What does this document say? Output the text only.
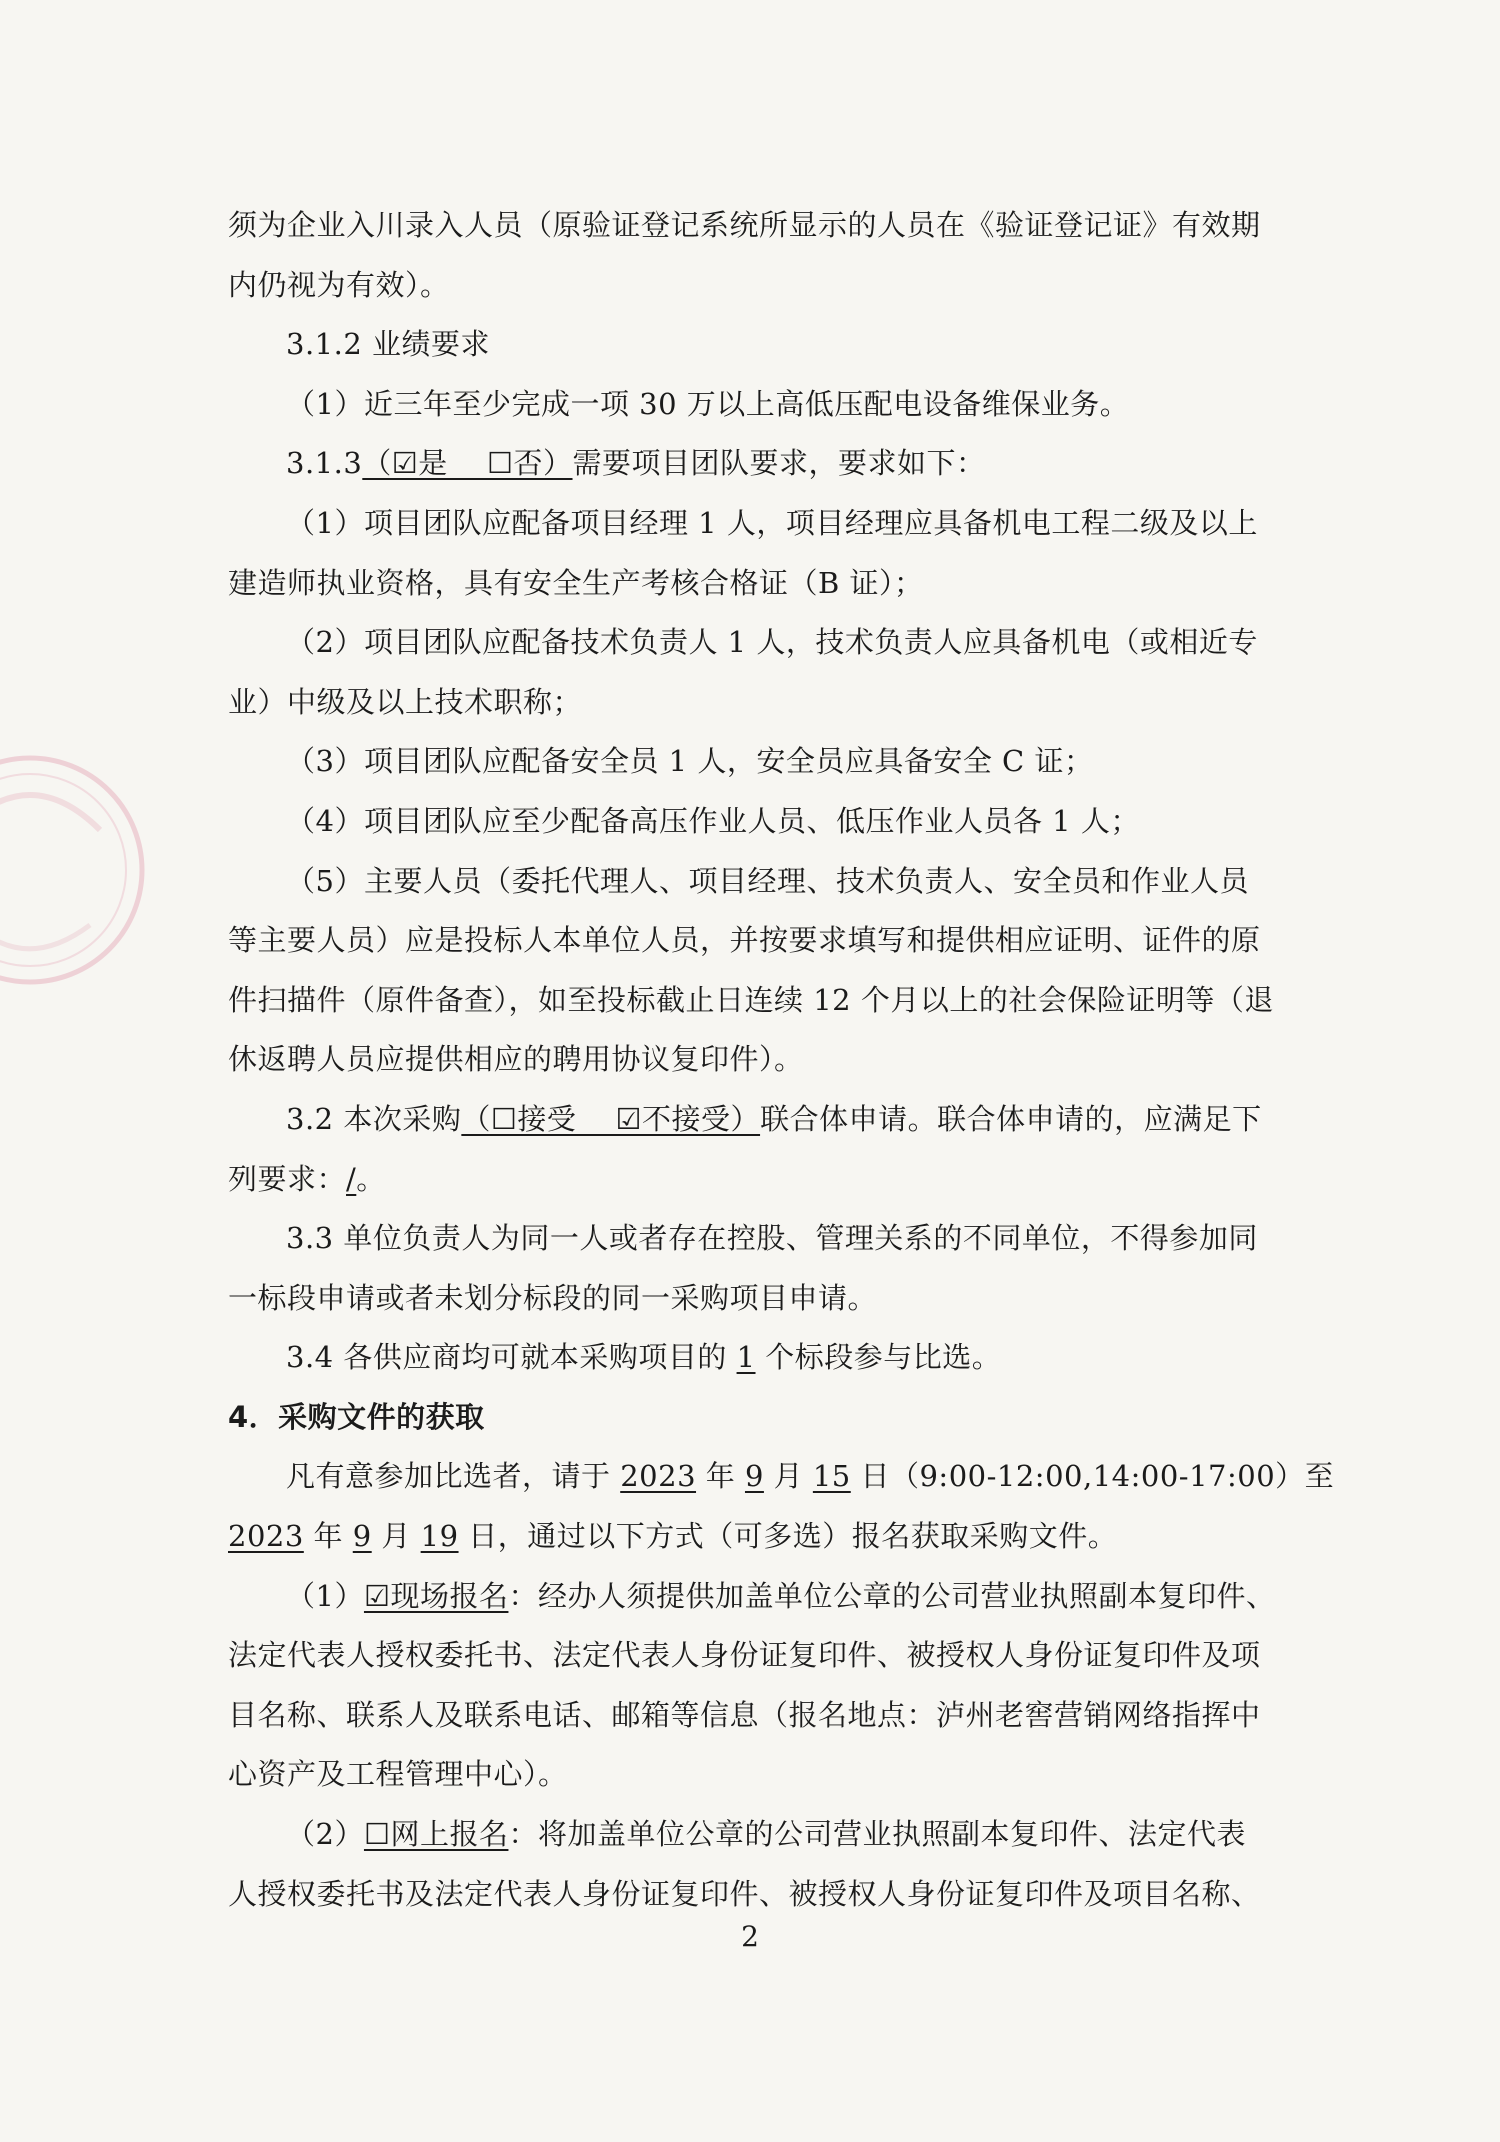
须为企业入川录入人员（原验证登记系统所显示的人员在《验证登记证》有效期
内仍视为有效）。
3.1.2 业绩要求
（1）近三年至少完成一项 30 万以上高低压配电设备维保业务。
3.1.3（☑是　 ☐否）需要项目团队要求，要求如下：
（1）项目团队应配备项目经理 1 人，项目经理应具备机电工程二级及以上
建造师执业资格，具有安全生产考核合格证（B 证）；
（2）项目团队应配备技术负责人 1 人，技术负责人应具备机电（或相近专
业）中级及以上技术职称；
（3）项目团队应配备安全员 1 人，安全员应具备安全 C 证；
（4）项目团队应至少配备高压作业人员、低压作业人员各 1 人；
（5）主要人员（委托代理人、项目经理、技术负责人、安全员和作业人员
等主要人员）应是投标人本单位人员，并按要求填写和提供相应证明、证件的原
件扫描件（原件备查），如至投标截止日连续 12 个月以上的社会保险证明等（退
休返聘人员应提供相应的聘用协议复印件）。
3.2 本次采购（☐接受　 ☑不接受）联合体申请。联合体申请的，应满足下
列要求：/。
3.3 单位负责人为同一人或者存在控股、管理关系的不同单位，不得参加同
一标段申请或者未划分标段的同一采购项目申请。
3.4 各供应商均可就本采购项目的 1 个标段参与比选。
4．采购文件的获取
凡有意参加比选者，请于 2023 年 9 月 15 日（9:00-12:00,14:00-17:00）至
2023 年 9 月 19 日，通过以下方式（可多选）报名获取采购文件。
（1）☑现场报名：经办人须提供加盖单位公章的公司营业执照副本复印件、
法定代表人授权委托书、法定代表人身份证复印件、被授权人身份证复印件及项
目名称、联系人及联系电话、邮箱等信息（报名地点：泸州老窖营销网络指挥中
心资产及工程管理中心）。
（2）☐网上报名：将加盖单位公章的公司营业执照副本复印件、法定代表
人授权委托书及法定代表人身份证复印件、被授权人身份证复印件及项目名称、
2
